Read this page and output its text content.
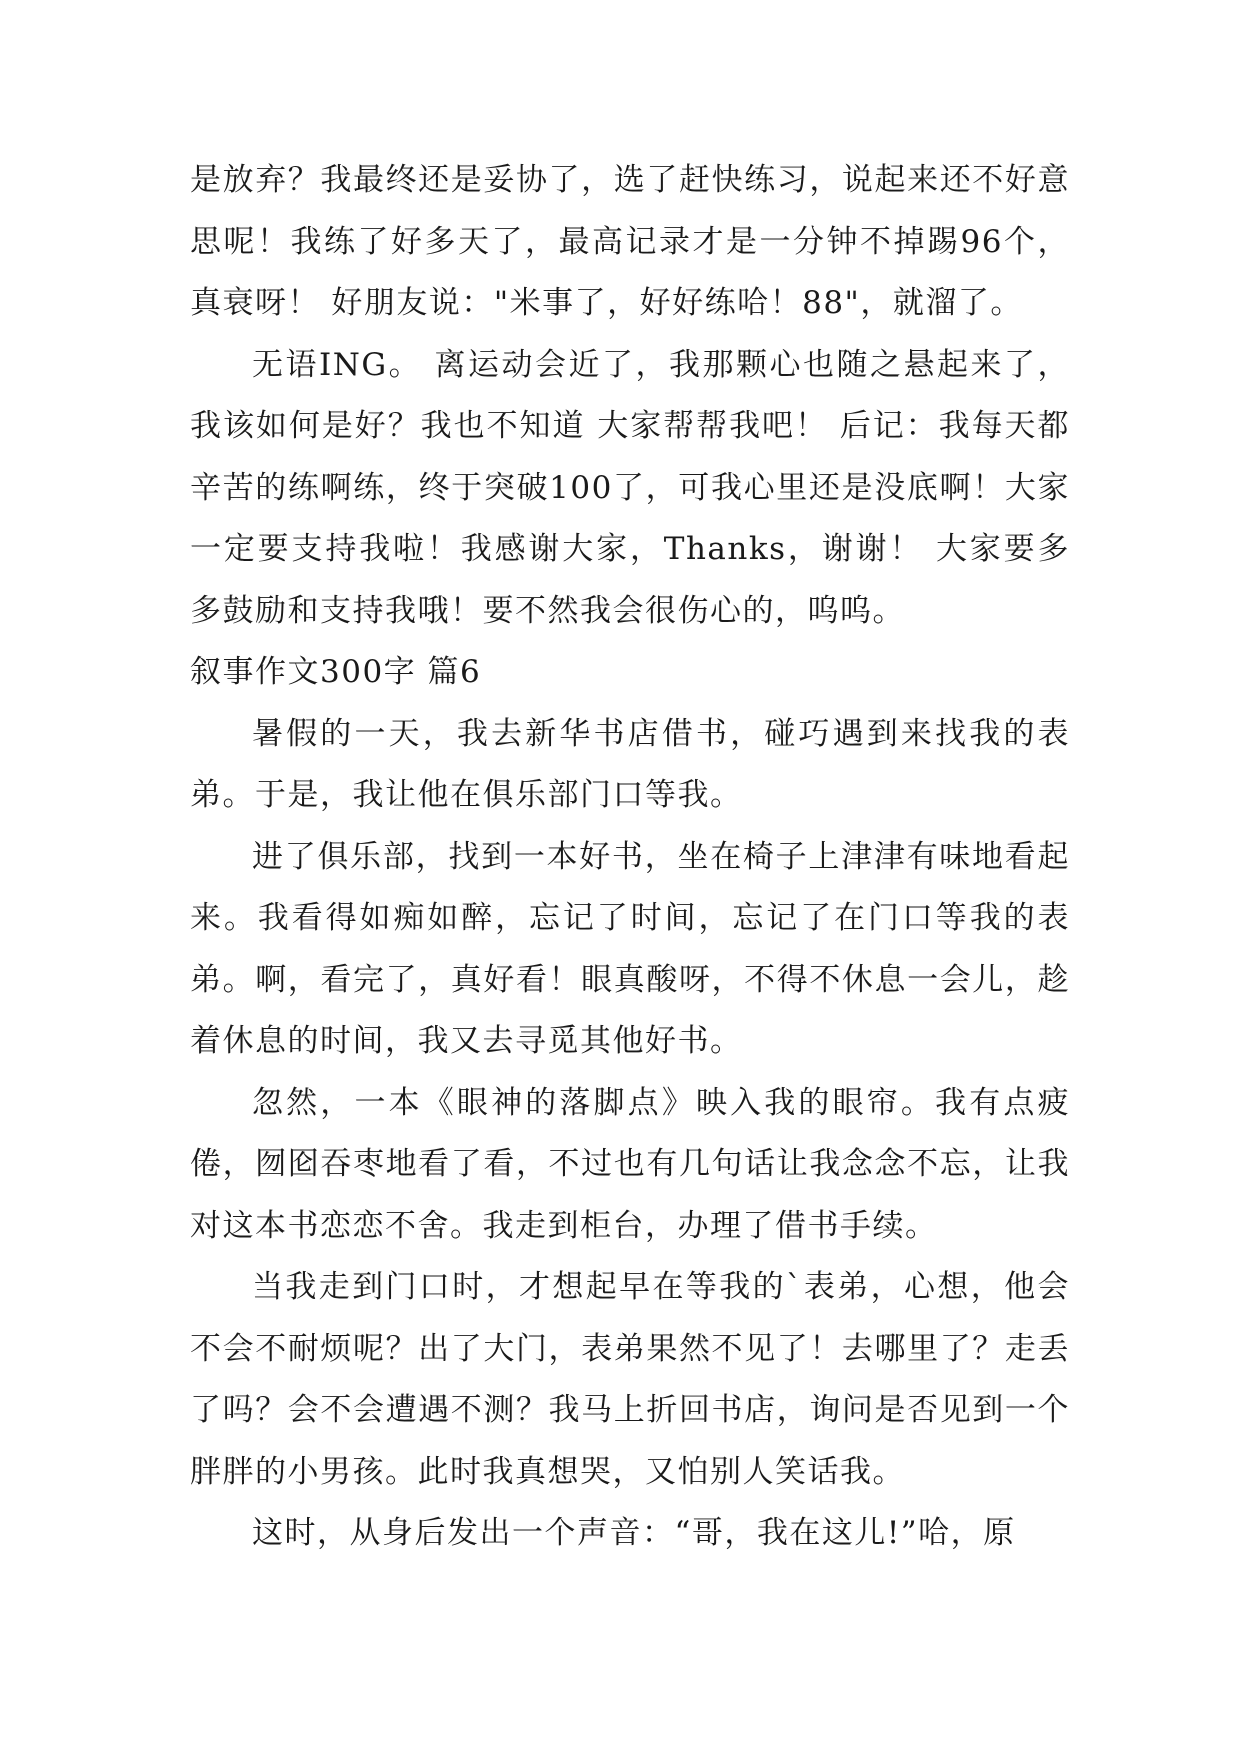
是放弃？我最终还是妥协了，选了赶快练习，说起来还不好意思呢！我练了好多天了，最高记录才是一分钟不掉踢96个，真衰呀！ 好朋友说："米事了，好好练哈！88"，就溜了。

无语ING。 离运动会近了，我那颗心也随之悬起来了，我该如何是好？我也不知道 大家帮帮我吧！ 后记：我每天都辛苦的练啊练，终于突破100了，可我心里还是没底啊！大家一定要支持我啦！我感谢大家，Thanks，谢谢！ 大家要多多鼓励和支持我哦！要不然我会很伤心的，呜呜。

叙事作文300字 篇6

暑假的一天，我去新华书店借书，碰巧遇到来找我的表弟。于是，我让他在俱乐部门口等我。

进了俱乐部，找到一本好书，坐在椅子上津津有味地看起来。我看得如痴如醉，忘记了时间，忘记了在门口等我的表弟。啊，看完了，真好看！眼真酸呀，不得不休息一会儿，趁着休息的时间，我又去寻觅其他好书。

忽然，一本《眼神的落脚点》映入我的眼帘。我有点疲倦，囫囵吞枣地看了看，不过也有几句话让我念念不忘，让我对这本书恋恋不舍。我走到柜台，办理了借书手续。

当我走到门口时，才想起早在等我的`表弟，心想，他会不会不耐烦呢？出了大门，表弟果然不见了！去哪里了？走丢了吗？会不会遭遇不测？我马上折回书店，询问是否见到一个胖胖的小男孩。此时我真想哭，又怕别人笑话我。

这时，从身后发出一个声音：“哥，我在这儿!”哈，原
